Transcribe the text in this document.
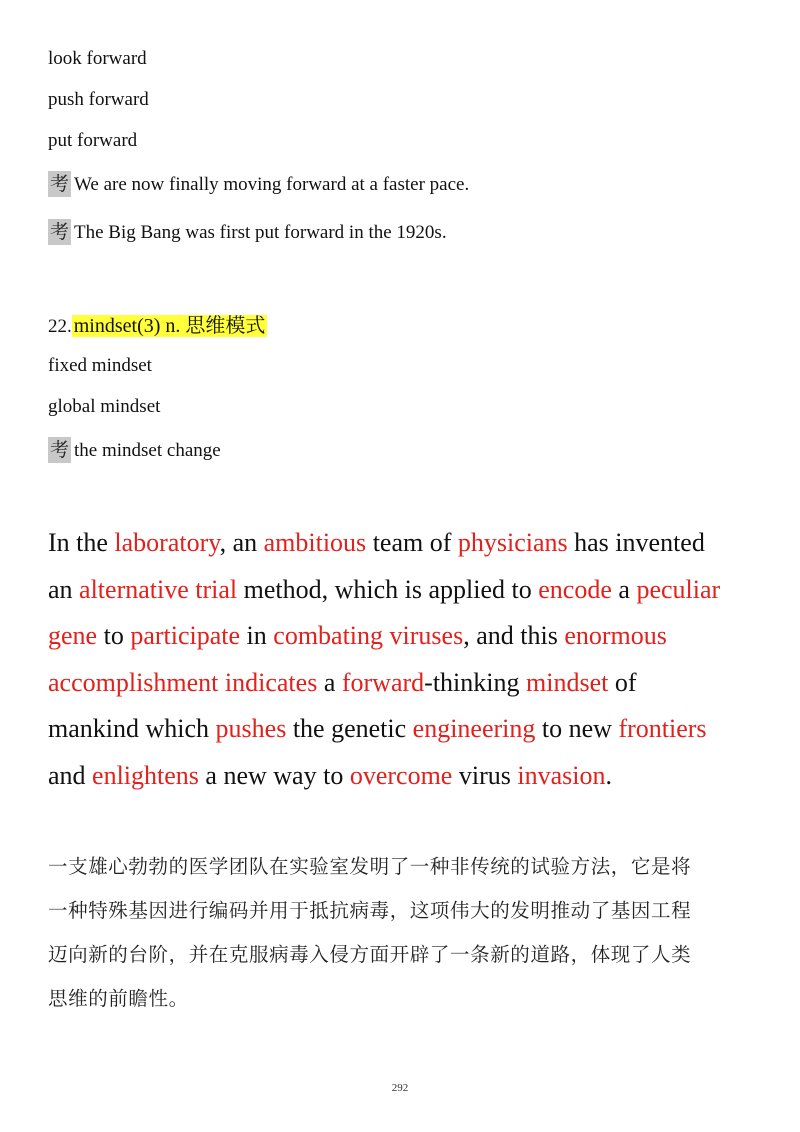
look forward
push forward
put forward
考 We are now finally moving forward at a faster pace.
考 The Big Bang was first put forward in the 1920s.
22. mindset(3) n. 思维模式
fixed mindset
global mindset
考 the mindset change
In the laboratory, an ambitious team of physicians has invented
an alternative trial method, which is applied to encode a peculiar
gene to participate in combating viruses, and this enormous
accomplishment indicates a forward-thinking mindset of
mankind which pushes the genetic engineering to new frontiers
and enlightens a new way to overcome virus invasion.
一支雄心勃勃的医学团队在实验室发明了一种非传统的试验方法，它是将
一种特殊基因进行编码并用于抵抗病毒，这项伟大的发明推动了基因工程
迈向新的台阶，并在克服病毒入侵方面开辟了一条新的道路，体现了人类
思维的前瞻性。
292
